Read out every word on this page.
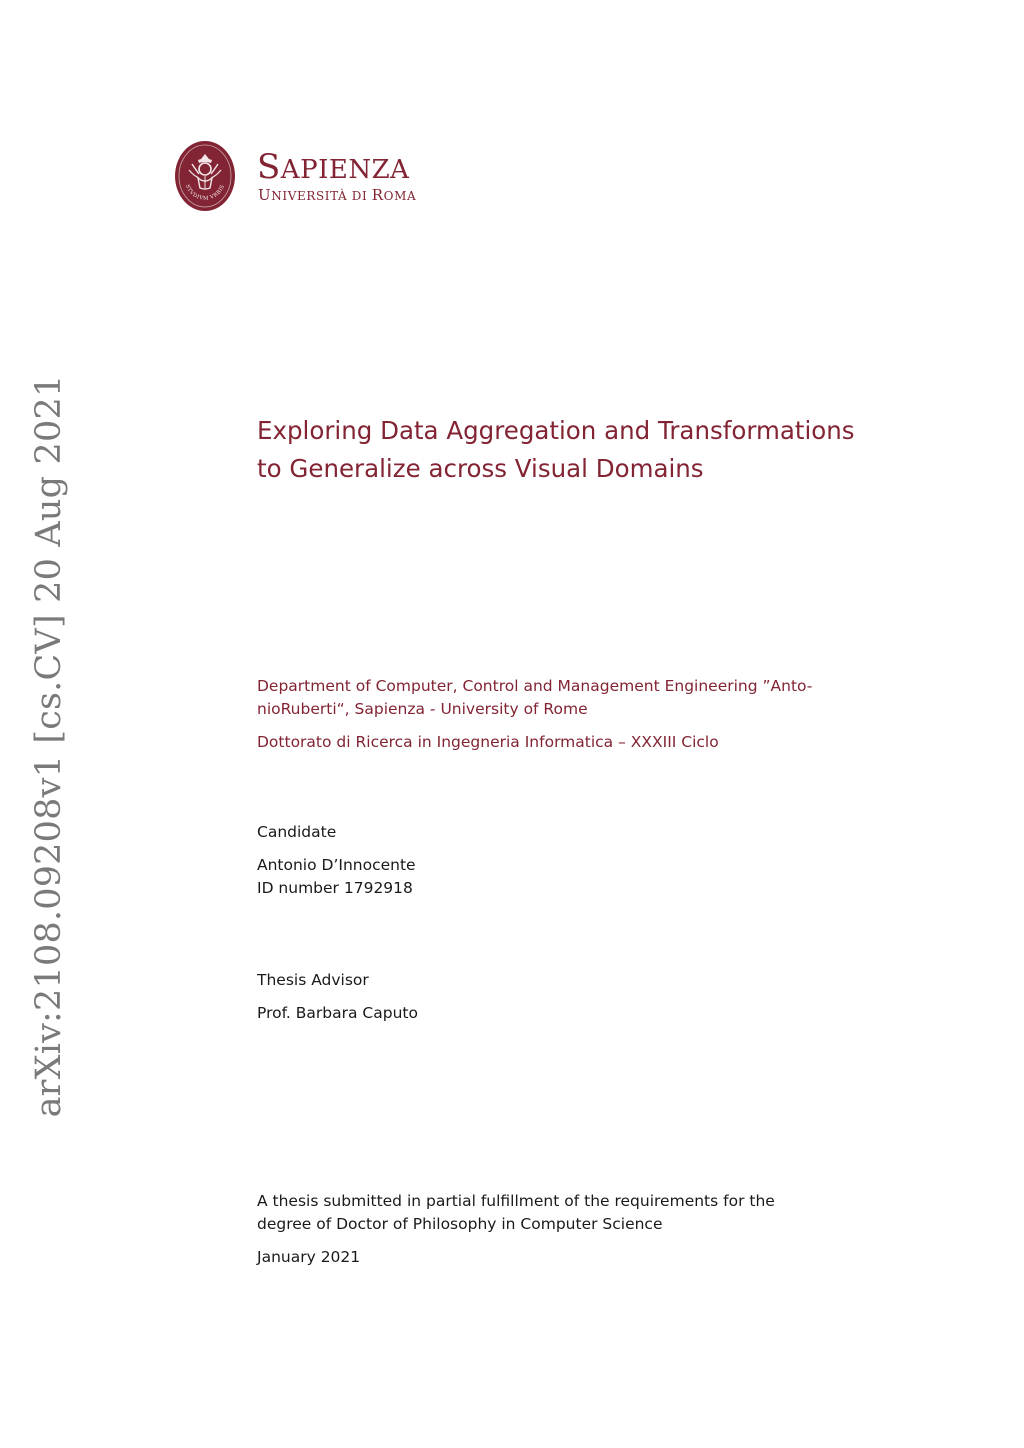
arXiv:2108.09208v1 [cs.CV] 20 Aug 2021
STVDIVM VRBIS SAPIENZA
UNIVERSITÀ DI ROMA
Exploring Data Aggregation and Transformations
to Generalize across Visual Domains
Department of Computer, Control and Management Engineering ”Anto-
nioRuberti“, Sapienza - University of Rome
Dottorato di Ricerca in Ingegneria Informatica – XXXIII Ciclo
Candidate
Antonio D’Innocente
ID number 1792918
Thesis Advisor
Prof. Barbara Caputo
A thesis submitted in partial fulfillment of the requirements for the
degree of Doctor of Philosophy in Computer Science
January 2021
